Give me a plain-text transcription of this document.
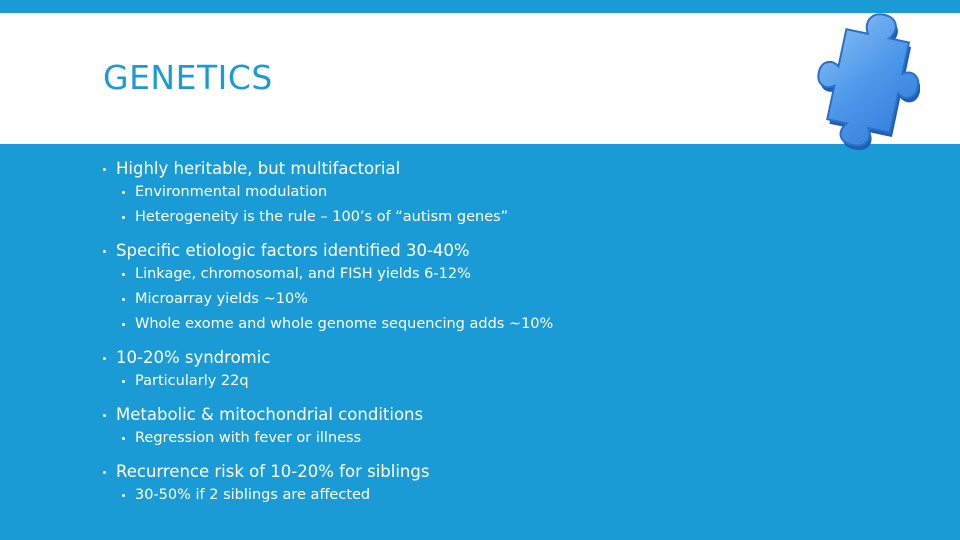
GENETICS

Highly heritable, but multifactorial

Environmental modulation

Heterogeneity is the rule – 100’s of “autism genes”

Specific etiologic factors identified 30-40%

Linkage, chromosomal, and FISH yields 6-12%

Microarray yields ~10%

Whole exome and whole genome sequencing adds ~10%

10-20% syndromic

Particularly 22q

Metabolic & mitochondrial conditions

Regression with fever or illness

Recurrence risk of 10-20% for siblings

30-50% if 2 siblings are affected
